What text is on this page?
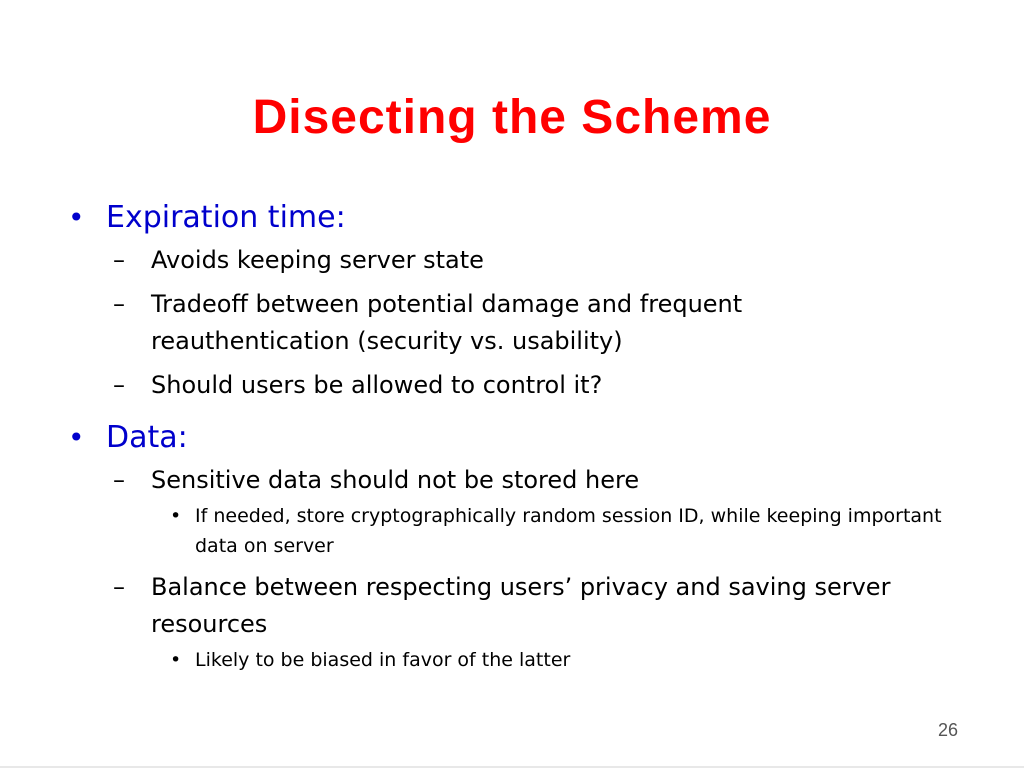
Disecting the Scheme
• Expiration time:
– Avoids keeping server state
– Tradeoff between potential damage and frequent reauthentication (security vs. usability)
– Should users be allowed to control it?
• Data:
– Sensitive data should not be stored here
• If needed, store cryptographically random session ID, while keeping important data on server
– Balance between respecting users’ privacy and saving server resources
• Likely to be biased in favor of the latter
26
